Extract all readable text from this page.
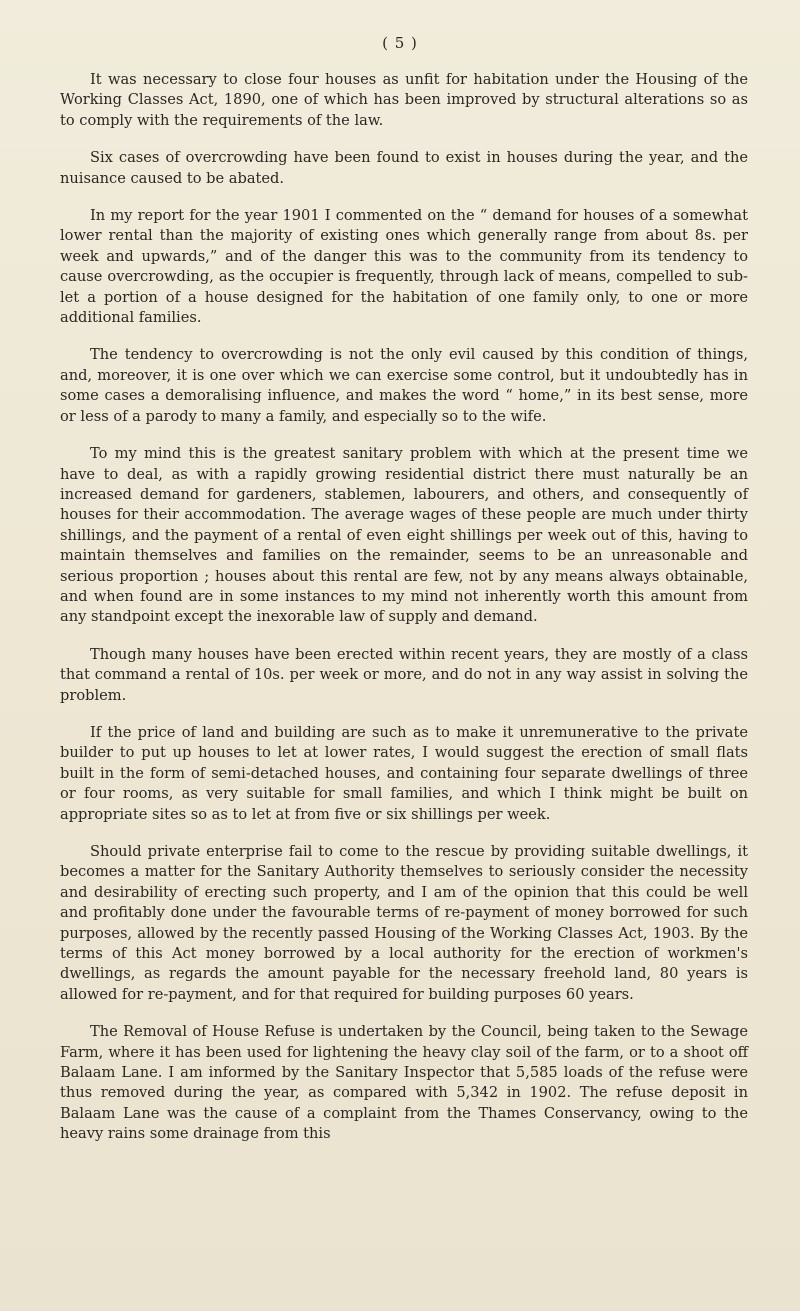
( 5 )

It was necessary to close four houses as unfit for habitation under the Housing of the Working Classes Act, 1890, one of which has been improved by structural alterations so as to comply with the requirements of the law.

Six cases of overcrowding have been found to exist in houses during the year, and the nuisance caused to be abated.

In my report for the year 1901 I commented on the “ demand for houses of a somewhat lower rental than the majority of existing ones which generally range from about 8s. per week and upwards,” and of the danger this was to the community from its tendency to cause overcrowding, as the occupier is frequently, through lack of means, compelled to sub-let a portion of a house designed for the habitation of one family only, to one or more additional families.

The tendency to overcrowding is not the only evil caused by this condition of things, and, moreover, it is one over which we can exercise some control, but it undoubtedly has in some cases a demoralising influence, and makes the word “ home,” in its best sense, more or less of a parody to many a family, and especially so to the wife.

To my mind this is the greatest sanitary problem with which at the present time we have to deal, as with a rapidly growing residential district there must naturally be an increased demand for gardeners, stablemen, labourers, and others, and consequently of houses for their accommodation. The average wages of these people are much under thirty shillings, and the payment of a rental of even eight shillings per week out of this, having to maintain themselves and families on the remainder, seems to be an unreasonable and serious proportion ; houses about this rental are few, not by any means always obtainable, and when found are in some instances to my mind not inherently worth this amount from any standpoint except the inexorable law of supply and demand.

Though many houses have been erected within recent years, they are mostly of a class that command a rental of 10s. per week or more, and do not in any way assist in solving the problem.

If the price of land and building are such as to make it unremunerative to the private builder to put up houses to let at lower rates, I would suggest the erection of small flats built in the form of semi-detached houses, and containing four separate dwellings of three or four rooms, as very suitable for small families, and which I think might be built on appropriate sites so as to let at from five or six shillings per week.

Should private enterprise fail to come to the rescue by providing suitable dwellings, it becomes a matter for the Sanitary Authority themselves to seriously consider the necessity and desirability of erecting such property, and I am of the opinion that this could be well and profitably done under the favourable terms of re-payment of money borrowed for such purposes, allowed by the recently passed Housing of the Working Classes Act, 1903. By the terms of this Act money borrowed by a local authority for the erection of workmen's dwellings, as regards the amount payable for the necessary freehold land, 80 years is allowed for re-payment, and for that required for building purposes 60 years.

The Removal of House Refuse is undertaken by the Council, being taken to the Sewage Farm, where it has been used for lightening the heavy clay soil of the farm, or to a shoot off Balaam Lane. I am informed by the Sanitary Inspector that 5,585 loads of the refuse were thus removed during the year, as compared with 5,342 in 1902. The refuse deposit in Balaam Lane was the cause of a complaint from the Thames Conservancy, owing to the heavy rains some drainage from this
